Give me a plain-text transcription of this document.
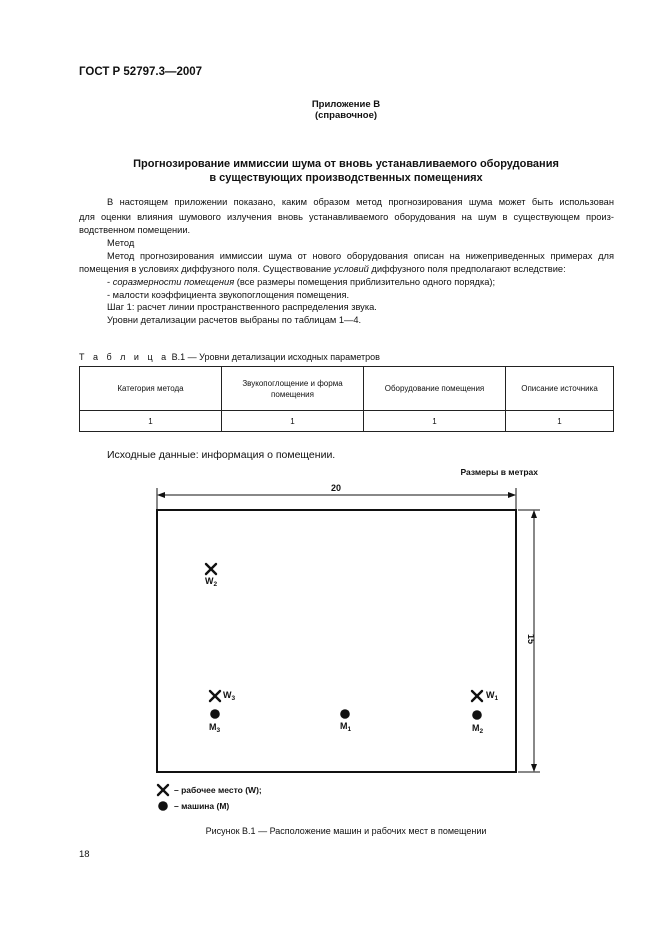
ГОСТ Р 52797.3—2007
Приложение В
(справочное)
Прогнозирование иммиссии шума от вновь устанавливаемого оборудования
в существующих производственных помещениях
В настоящем приложении показано, каким образом метод прогнозирования шума может быть использован
для оценки влияния шумового излучения вновь устанавливаемого оборудования на шум в существующем произ-
водственном помещении.
Метод
Метод прогнозирования иммиссии шума от нового оборудования описан на нижеприведенных примерах для
помещения в условиях диффузного поля. Существование условий диффузного поля предполагают вследствие:
- соразмерности помещения (все размеры помещения приблизительно одного порядка);
- малости коэффициента звукопоглощения помещения.
Шаг 1: расчет линии пространственного распределения звука.
Уровни детализации расчетов выбраны по таблицам 1—4.
Т а б л и ц а В.1 — Уровни детализации исходных параметров
Категория метода	Звукопоглощение и форма помещения	Оборудование помещения	Описание источника
1	1	1	1
Исходные данные: информация о помещении.
Размеры в метрах
20
15
$W_2$
$W_3$	$W_1$
$M_3$	$M_1$	$M_2$
– рабочее место (W);
– машина (M)
Рисунок В.1 — Расположение машин и рабочих мест в помещении
18
